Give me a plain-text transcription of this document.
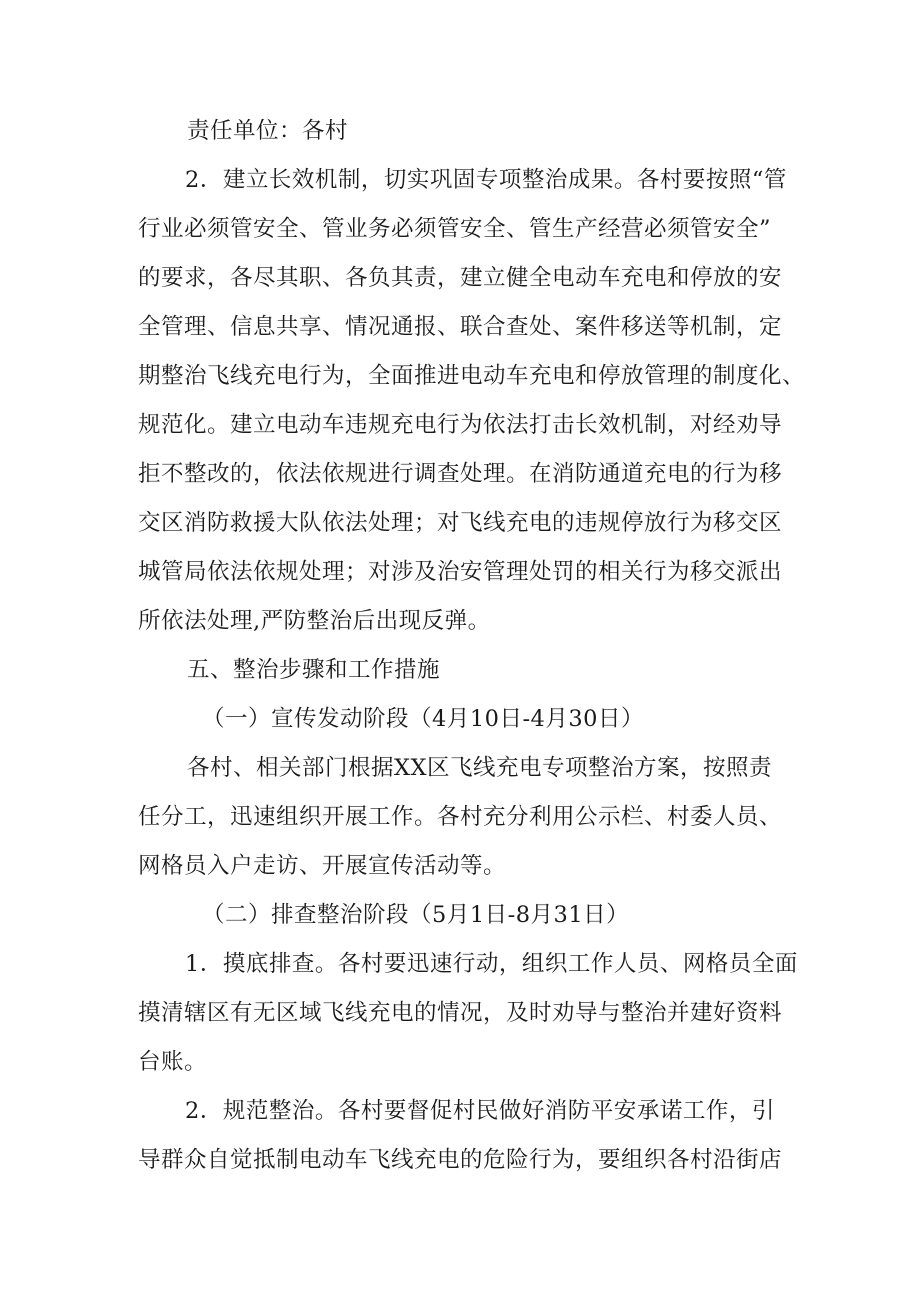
责任单位：各村
2．建立长效机制，切实巩固专项整治成果。各村要按照“管
行业必须管安全、管业务必须管安全、管生产经营必须管安全”
的要求，各尽其职、各负其责，建立健全电动车充电和停放的安
全管理、信息共享、情况通报、联合查处、案件移送等机制，定
期整治飞线充电行为，全面推进电动车充电和停放管理的制度化、
规范化。建立电动车违规充电行为依法打击长效机制，对经劝导
拒不整改的，依法依规进行调查处理。在消防通道充电的行为移
交区消防救援大队依法处理；对飞线充电的违规停放行为移交区
城管局依法依规处理；对涉及治安管理处罚的相关行为移交派出
所依法处理,严防整治后出现反弹。
五、整治步骤和工作措施
（一）宣传发动阶段（4月10日-4月30日）
各村、相关部门根据XX区飞线充电专项整治方案，按照责
任分工，迅速组织开展工作。各村充分利用公示栏、村委人员、
网格员入户走访、开展宣传活动等。
（二）排查整治阶段（5月1日-8月31日）
1．摸底排查。各村要迅速行动，组织工作人员、网格员全面
摸清辖区有无区域飞线充电的情况，及时劝导与整治并建好资料
台账。
2．规范整治。各村要督促村民做好消防平安承诺工作，引
导群众自觉抵制电动车飞线充电的危险行为，要组织各村沿街店
